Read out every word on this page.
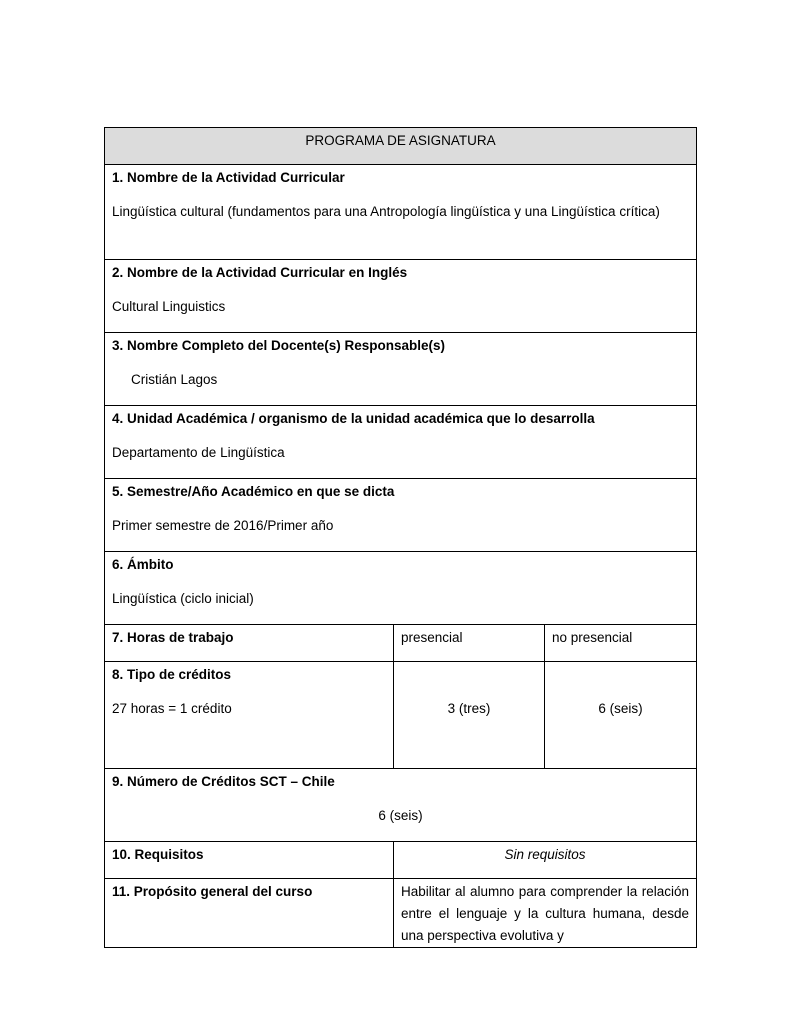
PROGRAMA DE ASIGNATURA		

1. Nombre de la Actividad Curricular
Lingüística cultural (fundamentos para una Antropología lingüística y una Lingüística crítica)		

2. Nombre de la Actividad Curricular en Inglés
Cultural Linguistics		

3. Nombre Completo del Docente(s) Responsable(s)
Cristián Lagos		

4. Unidad Académica / organismo de la unidad académica que lo desarrolla
Departamento de Lingüística		

5. Semestre/Año Académico en que se dicta
Primer semestre de 2016/Primer año		

6. Ámbito
Lingüística (ciclo inicial)		

7. Horas de trabajo	presencial	no presencial

8. Tipo de créditos
27 horas = 1 crédito	3 (tres)	6 (seis)

9. Número de Créditos SCT – Chile
6 (seis)		

10. Requisitos	Sin requisitos	
11. Propósito general del curso	Habilitar al alumno para comprender la relación entre el lenguaje y la cultura humana, desde una perspectiva evolutiva y	
